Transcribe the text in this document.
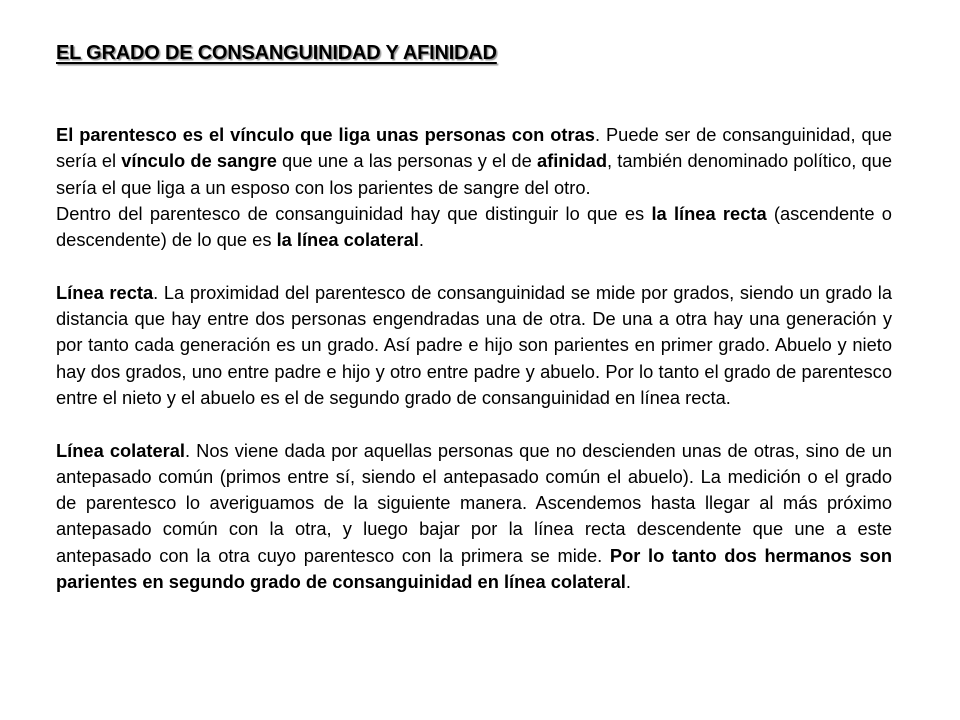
EL GRADO DE CONSANGUINIDAD Y AFINIDAD

El parentesco es el vínculo que liga unas personas con otras. Puede ser de consanguinidad, que sería el vínculo de sangre que une a las personas y el de afinidad, también denominado político, que sería el que liga a un esposo con los parientes de sangre del otro.

Dentro del parentesco de consanguinidad hay que distinguir lo que es la línea recta (ascendente o descendente) de lo que es la línea colateral.

Línea recta. La proximidad del parentesco de consanguinidad se mide por grados, siendo un grado la distancia que hay entre dos personas engendradas una de otra. De una a otra hay una generación y por tanto cada generación es un grado. Así padre e hijo son parientes en primer grado. Abuelo y nieto hay dos grados, uno entre padre e hijo y otro entre padre y abuelo. Por lo tanto el grado de parentesco entre el nieto y el abuelo es el de segundo grado de consanguinidad en línea recta.

Línea colateral. Nos viene dada por aquellas personas que no descienden unas de otras, sino de un antepasado común (primos entre sí, siendo el antepasado común el abuelo). La medición o el grado de parentesco lo averiguamos de la siguiente manera. Ascendemos hasta llegar al más próximo antepasado común con la otra, y luego bajar por la línea recta descendente que une a este antepasado con la otra cuyo parentesco con la primera se mide. Por lo tanto dos hermanos son parientes en segundo grado de consanguinidad en línea colateral.
